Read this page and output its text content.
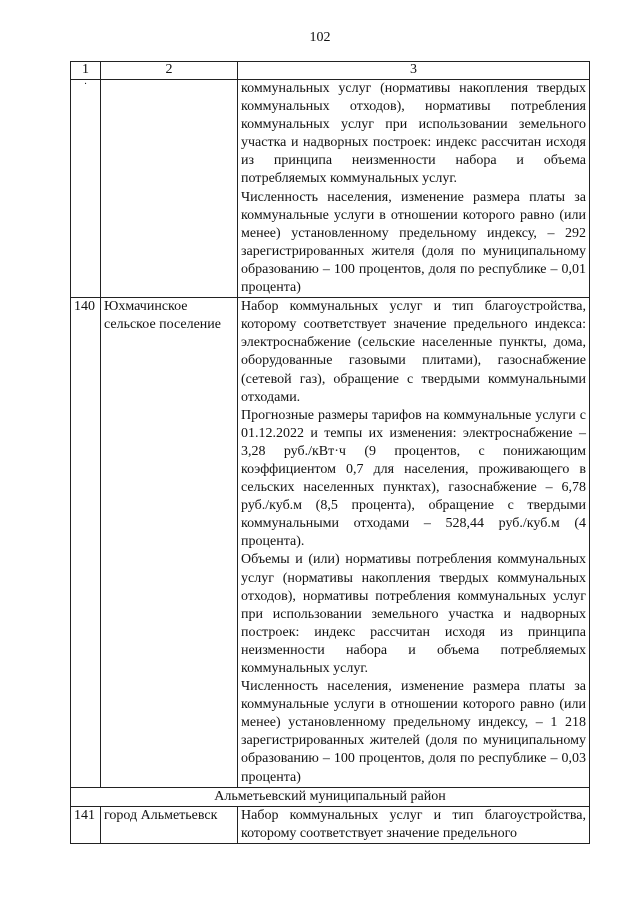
102
1	2	3

·		коммунальных услуг (нормативы накопления твердых коммунальных отходов), нормативы потребления коммунальных услуг при использовании земельного участка и надворных построек: индекс рассчитан исходя из принципа неизменности набора и объема потребляемых коммунальных услуг.

Численность населения, изменение размера платы за коммунальные услуги в отношении которого равно (или менее) установленному предельному индексу, – 292 зарегистрированных жителя (доля по муниципальному образованию – 100 процентов, доля по республике – 0,01 процента)

140	Юхмачинское сельское поселение	Набор коммунальных услуг и тип благоустройства, которому соответствует значение предельного индекса: электроснабжение (сельские населенные пункты, дома, оборудованные газовыми плитами), газоснабжение (сетевой газ), обращение с твердыми коммунальными отходами.

Прогнозные размеры тарифов на коммунальные услуги с 01.12.2022 и темпы их изменения: электроснабжение – 3,28 руб./кВт·ч (9 процентов, с понижающим коэффициентом 0,7 для населения, проживающего в сельских населенных пунктах), газоснабжение – 6,78 руб./куб.м (8,5 процента), обращение с твердыми коммунальными отходами – 528,44 руб./куб.м (4 процента).

Объемы и (или) нормативы потребления коммунальных услуг (нормативы накопления твердых коммунальных отходов), нормативы потребления коммунальных услуг при использовании земельного участка и надворных построек: индекс рассчитан исходя из принципа неизменности набора и объема потребляемых коммунальных услуг.

Численность населения, изменение размера платы за коммунальные услуги в отношении которого равно (или менее) установленному предельному индексу, – 1 218 зарегистрированных жителей (доля по муниципальному образованию – 100 процентов, доля по республике – 0,03 процента)

Альметьевский муниципальный район		
141	город Альметьевск	Набор коммунальных услуг и тип благоустройства, которому соответствует значение предельного
